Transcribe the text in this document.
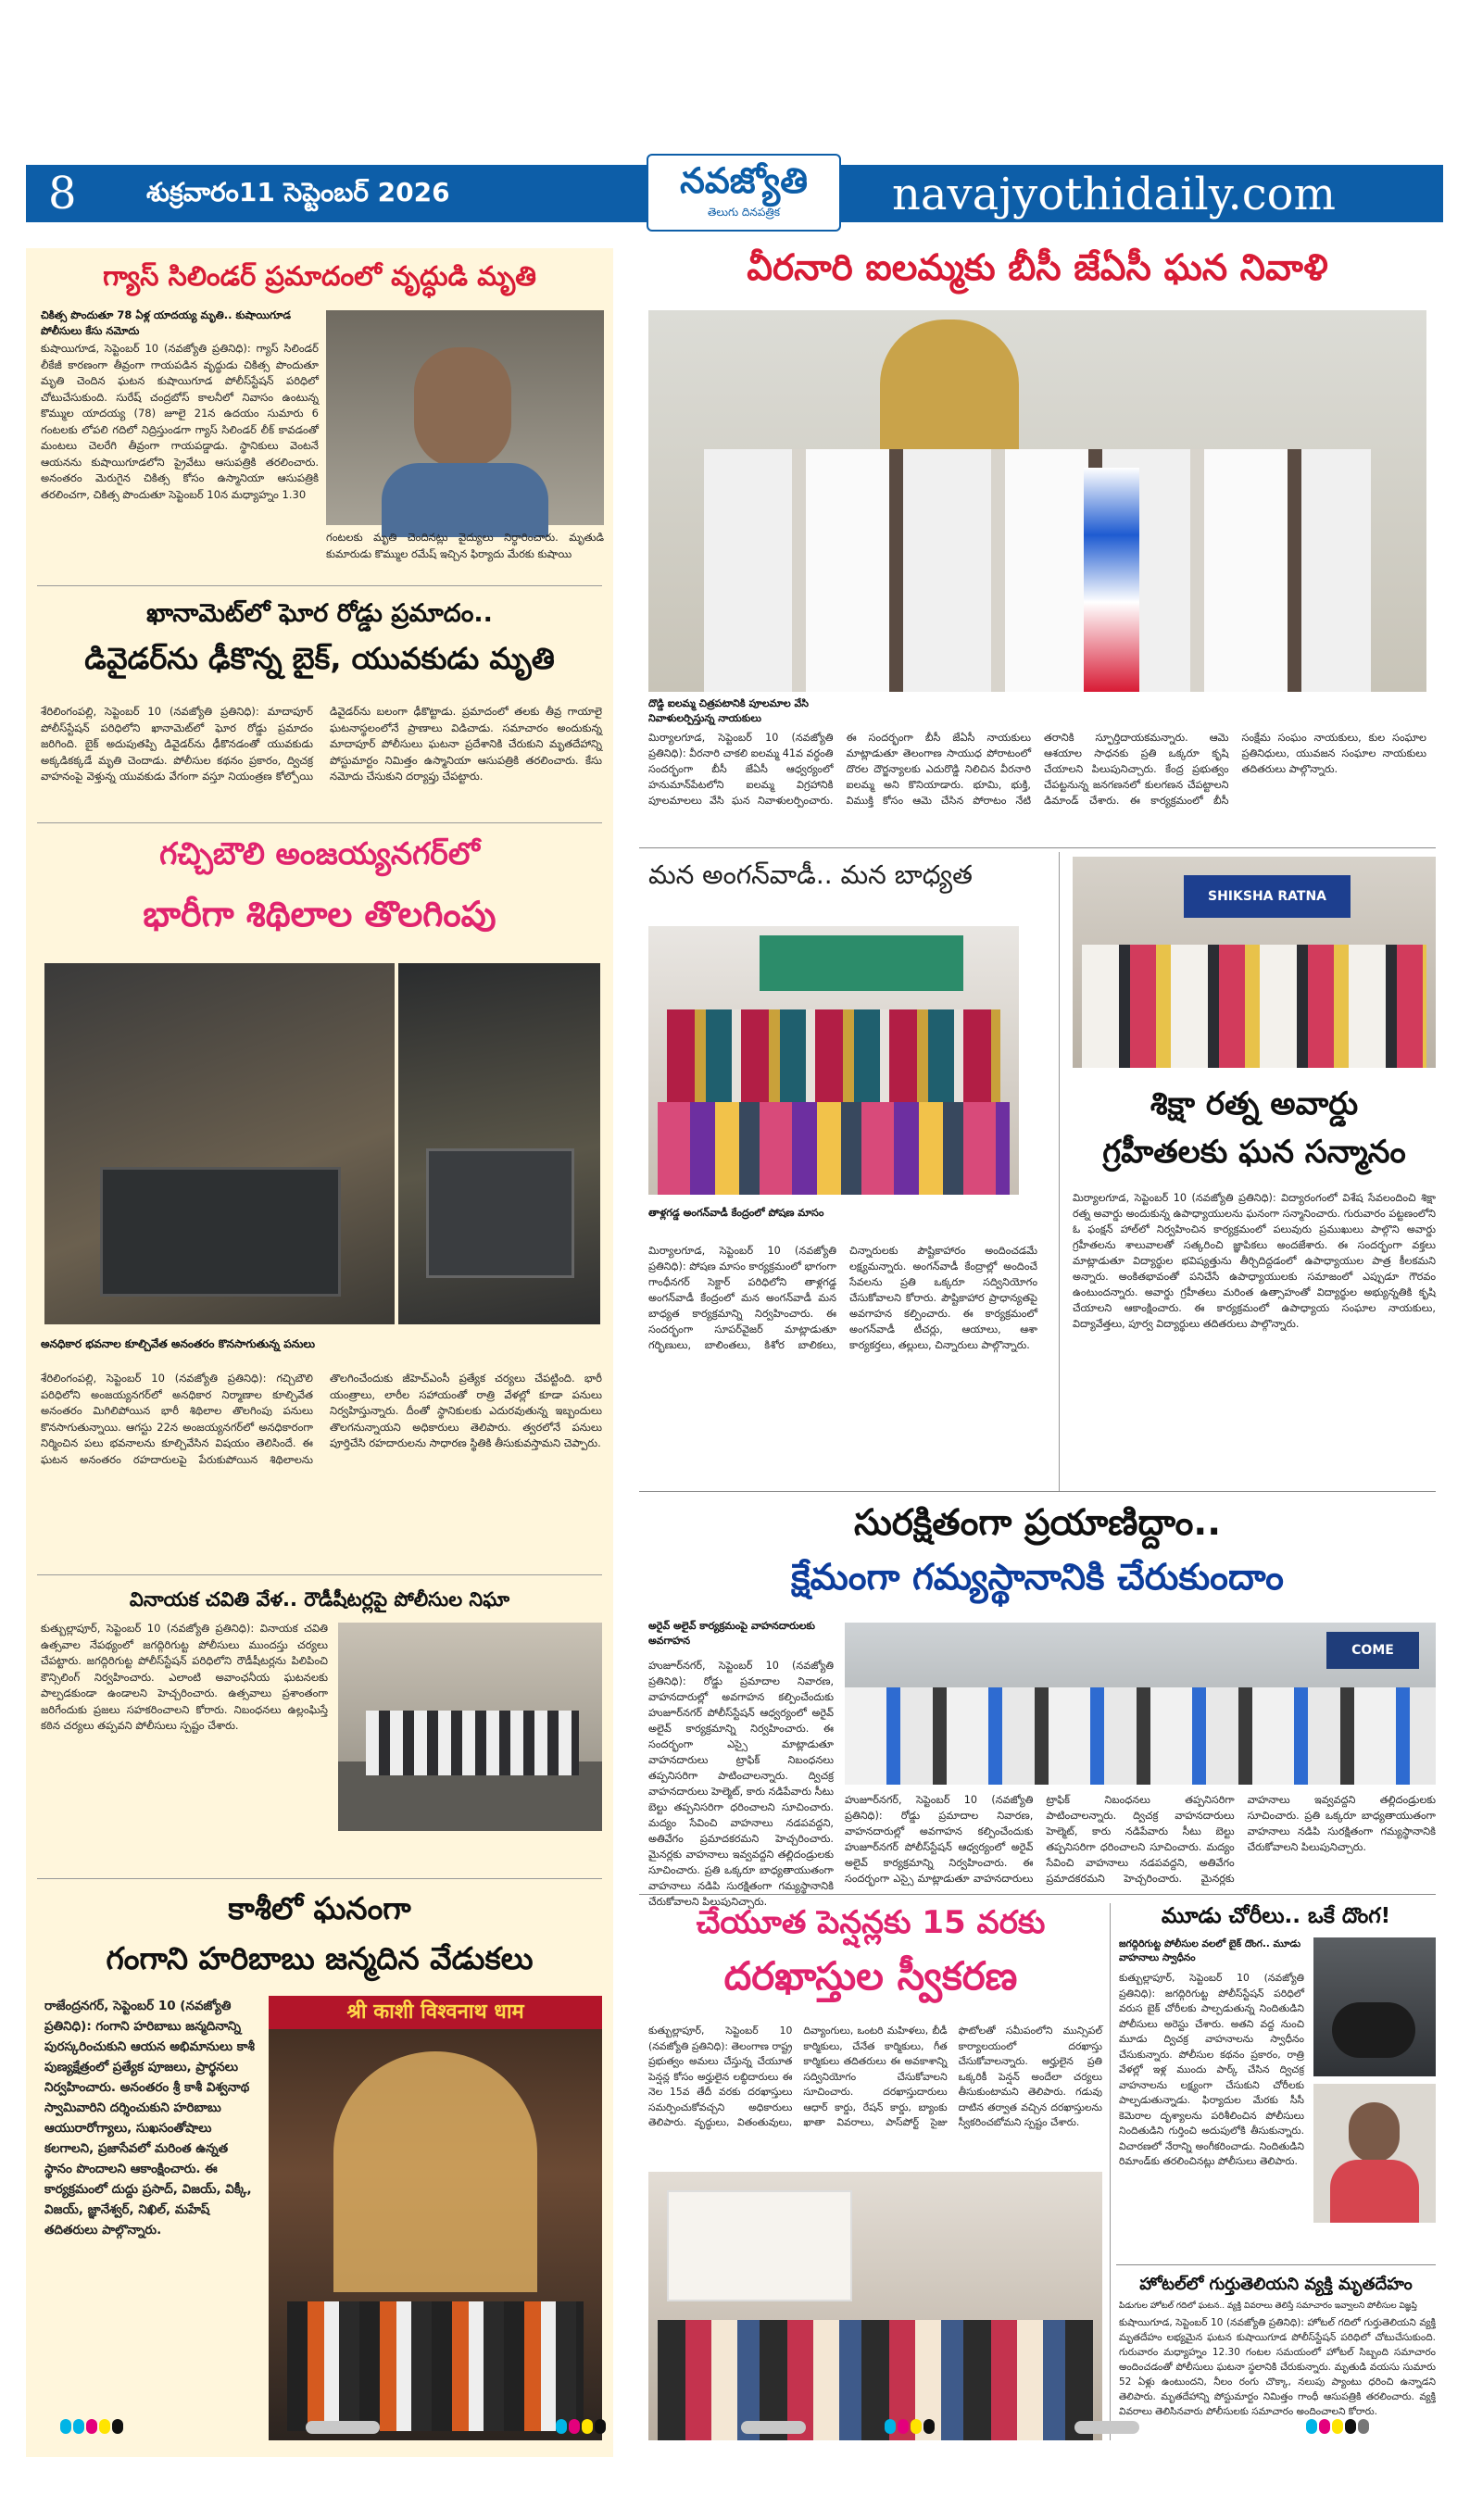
8	శుక్రవారం11 సెప్టెంబర్ 2026	నవజ్యోతి
తెలుగు దినపత్రిక	navajyothidaily.com
గ్యాస్ సిలిండర్ ప్రమాదంలో వృద్ధుడి మృతి
చికిత్స పొందుతూ 78 ఏళ్ల యాదయ్య మృతి.. కుషాయిగూడ పోలీసులు కేసు నమోదు
కుషాయిగూడ, సెప్టెంబర్ 10 (నవజ్యోతి ప్రతినిధి): గ్యాస్ సిలిండర్ లీకేజీ కారణంగా తీవ్రంగా గాయపడిన వృద్ధుడు చికిత్స పొందుతూ మృతి చెందిన ఘటన కుషాయిగూడ పోలీస్‌స్టేషన్ పరిధిలో చోటుచేసుకుంది. సురేష్ చంద్రబోస్ కాలనీలో నివాసం ఉంటున్న కొమ్ముల యాదయ్య (78) జూలై 21న ఉదయం సుమారు 6 గంటలకు లోపలి గదిలో నిద్రిస్తుండగా గ్యాస్ సిలిండర్ లీక్ కావడంతో మంటలు చెలరేగి తీవ్రంగా గాయపడ్డాడు. స్థానికులు వెంటనే ఆయనను కుషాయిగూడలోని ప్రైవేటు ఆసుపత్రికి తరలించారు. అనంతరం మెరుగైన చికిత్స కోసం ఉస్మానియా ఆసుపత్రికి తరలించగా, చికిత్స పొందుతూ సెప్టెంబర్ 10న మధ్యాహ్నం 1.30
గంటలకు మృతి చెందినట్లు వైద్యులు నిర్ధారించారు. మృతుడి కుమారుడు కొమ్ముల రమేష్ ఇచ్చిన ఫిర్యాదు మేరకు కుషాయి
ఖానామెట్‌లో ఘోర రోడ్డు ప్రమాదం..
డివైడర్‌ను ఢీకొన్న బైక్, యువకుడు మృతి
శేరిలింగంపల్లి, సెప్టెంబర్ 10 (నవజ్యోతి ప్రతినిధి): మాదాపూర్ పోలీస్‌స్టేషన్ పరిధిలోని ఖానామెట్‌లో ఘోర రోడ్డు ప్రమాదం జరిగింది. బైక్ అదుపుతప్పి డివైడర్‌ను ఢీకొనడంతో యువకుడు అక్కడికక్కడే మృతి చెందాడు. పోలీసుల కథనం ప్రకారం, ద్విచక్ర వాహనంపై వెళ్తున్న యువకుడు వేగంగా వస్తూ నియంత్రణ కోల్పోయి డివైడర్‌ను బలంగా ఢీకొట్టాడు. ప్రమాదంలో తలకు తీవ్ర గాయాలై ఘటనాస్థలంలోనే ప్రాణాలు విడిచాడు. సమాచారం అందుకున్న మాదాపూర్ పోలీసులు ఘటనా ప్రదేశానికి చేరుకుని మృతదేహాన్ని పోస్టుమార్టం నిమిత్తం ఉస్మానియా ఆసుపత్రికి తరలించారు. కేసు నమోదు చేసుకుని దర్యాప్తు చేపట్టారు.
గచ్చిబౌలి అంజయ్యనగర్‌లో
భారీగా శిథిలాల తొలగింపు
అనధికార భవనాల కూల్చివేత అనంతరం కొనసాగుతున్న పనులు
శేరిలింగంపల్లి, సెప్టెంబర్ 10 (నవజ్యోతి ప్రతినిధి): గచ్చిబౌలి పరిధిలోని అంజయ్యనగర్‌లో అనధికార నిర్మాణాల కూల్చివేత అనంతరం మిగిలిపోయిన భారీ శిథిలాల తొలగింపు పనులు కొనసాగుతున్నాయి. ఆగస్టు 22న అంజయ్యనగర్‌లో అనధికారంగా నిర్మించిన పలు భవనాలను కూల్చివేసిన విషయం తెలిసిందే. ఈ ఘటన అనంతరం రహదారులపై పేరుకుపోయిన శిథిలాలను తొలగించేందుకు జీహెచ్‌ఎంసీ ప్రత్యేక చర్యలు చేపట్టింది. భారీ యంత్రాలు, లారీల సహాయంతో రాత్రి వేళల్లో కూడా పనులు నిర్వహిస్తున్నారు. దీంతో స్థానికులకు ఎదురవుతున్న ఇబ్బందులు తొలగనున్నాయని అధికారులు తెలిపారు. త్వరలోనే పనులు పూర్తిచేసి రహదారులను సాధారణ స్థితికి తీసుకువస్తామని చెప్పారు.
వినాయక చవితి వేళ.. రౌడీషీటర్లపై పోలీసుల నిఘా
కుత్బుల్లాపూర్, సెప్టెంబర్ 10 (నవజ్యోతి ప్రతినిధి): వినాయక చవితి ఉత్సవాల నేపథ్యంలో జగద్గిరిగుట్ట పోలీసులు ముందస్తు చర్యలు చేపట్టారు. జగద్గిరిగుట్ట పోలీస్‌స్టేషన్ పరిధిలోని రౌడీషీటర్లను పిలిపించి కౌన్సిలింగ్ నిర్వహించారు. ఎలాంటి అవాంఛనీయ ఘటనలకు పాల్పడకుండా ఉండాలని హెచ్చరించారు. ఉత్సవాలు ప్రశాంతంగా జరిగేందుకు ప్రజలు సహకరించాలని కోరారు. నిబంధనలు ఉల్లంఘిస్తే కఠిన చర్యలు తప్పవని పోలీసులు స్పష్టం చేశారు.
కాశీలో ఘనంగా
గంగాని హరిబాబు జన్మదిన వేడుకలు
రాజేంద్రనగర్, సెప్టెంబర్ 10 (నవజ్యోతి ప్రతినిధి): గంగాని హరిబాబు జన్మదినాన్ని పురస్కరించుకుని ఆయన అభిమానులు కాశీ పుణ్యక్షేత్రంలో ప్రత్యేక పూజలు, ప్రార్థనలు నిర్వహించారు. అనంతరం శ్రీ కాశీ విశ్వనాథ స్వామివారిని దర్శించుకుని హరిబాబు ఆయురారోగ్యాలు, సుఖసంతోషాలు కలగాలని, ప్రజాసేవలో మరింత ఉన్నత స్థానం పొందాలని ఆకాంక్షించారు. ఈ కార్యక్రమంలో దుద్దు ప్రసాద్, విజయ్, విక్కీ, విజయ్, జ్ఞానేశ్వర్, నిఖిల్, మహేష్ తదితరులు పాల్గొన్నారు.
श्री काशी विश्वनाथ धाम
వీరనారి ఐలమ్మకు బీసీ జేఏసీ ఘన నివాళి
దొడ్డి ఐలమ్మ చిత్రపటానికి పూలమాల వేసి నివాళులర్పిస్తున్న నాయకులు
మిర్యాలగూడ, సెప్టెంబర్ 10 (నవజ్యోతి ప్రతినిధి): వీరనారి చాకలి ఐలమ్మ 41వ వర్ధంతి సందర్భంగా బీసీ జేఏసీ ఆధ్వర్యంలో హనుమాన్‌పేటలోని ఐలమ్మ విగ్రహానికి పూలమాలలు వేసి ఘన నివాళులర్పించారు. ఈ సందర్భంగా బీసీ జేఏసీ నాయకులు మాట్లాడుతూ తెలంగాణ సాయుధ పోరాటంలో దొరల దౌర్జన్యాలకు ఎదురొడ్డి నిలిచిన వీరనారి ఐలమ్మ అని కొనియాడారు. భూమి, భుక్తి, విముక్తి కోసం ఆమె చేసిన పోరాటం నేటి తరానికి స్ఫూర్తిదాయకమన్నారు. ఆమె ఆశయాల సాధనకు ప్రతి ఒక్కరూ కృషి చేయాలని పిలుపునిచ్చారు. కేంద్ర ప్రభుత్వం చేపట్టనున్న జనగణనలో కులగణన చేపట్టాలని డిమాండ్ చేశారు. ఈ కార్యక్రమంలో బీసీ సంక్షేమ సంఘం నాయకులు, కుల సంఘాల ప్రతినిధులు, యువజన సంఘాల నాయకులు తదితరులు పాల్గొన్నారు.
మన అంగన్‌వాడీ.. మన బాధ్యత
తాళ్లగడ్డ అంగన్‌వాడీ కేంద్రంలో పోషణ మాసం
మిర్యాలగూడ, సెప్టెంబర్ 10 (నవజ్యోతి ప్రతినిధి): పోషణ మాసం కార్యక్రమంలో భాగంగా గాంధీనగర్ సెక్టార్ పరిధిలోని తాళ్లగడ్డ అంగన్‌వాడీ కేంద్రంలో మన అంగన్‌వాడీ మన బాధ్యత కార్యక్రమాన్ని నిర్వహించారు. ఈ సందర్భంగా సూపర్‌వైజర్ మాట్లాడుతూ గర్భిణులు, బాలింతలు, కిశోర బాలికలు, చిన్నారులకు పౌష్టికాహారం అందించడమే లక్ష్యమన్నారు. అంగన్‌వాడీ కేంద్రాల్లో అందించే సేవలను ప్రతి ఒక్కరూ సద్వినియోగం చేసుకోవాలని కోరారు. పౌష్టికాహార ప్రాధాన్యతపై అవగాహన కల్పించారు. ఈ కార్యక్రమంలో అంగన్‌వాడీ టీచర్లు, ఆయాలు, ఆశా కార్యకర్తలు, తల్లులు, చిన్నారులు పాల్గొన్నారు.
SHIKSHA RATNA
శిక్షా రత్న అవార్డు
గ్రహీతలకు ఘన సన్మానం
మిర్యాలగూడ, సెప్టెంబర్ 10 (నవజ్యోతి ప్రతినిధి): విద్యారంగంలో విశేష సేవలందించి శిక్షా రత్న అవార్డు అందుకున్న ఉపాధ్యాయులను ఘనంగా సన్మానించారు. గురువారం పట్టణంలోని ఓ ఫంక్షన్ హాల్‌లో నిర్వహించిన కార్యక్రమంలో పలువురు ప్రముఖులు పాల్గొని అవార్డు గ్రహీతలను శాలువాలతో సత్కరించి జ్ఞాపికలు అందజేశారు. ఈ సందర్భంగా వక్తలు మాట్లాడుతూ విద్యార్థుల భవిష్యత్తును తీర్చిదిద్దడంలో ఉపాధ్యాయుల పాత్ర కీలకమని అన్నారు. అంకితభావంతో పనిచేసే ఉపాధ్యాయులకు సమాజంలో ఎప్పుడూ గౌరవం ఉంటుందన్నారు. అవార్డు గ్రహీతలు మరింత ఉత్సాహంతో విద్యార్థుల అభ్యున్నతికి కృషి చేయాలని ఆకాంక్షించారు. ఈ కార్యక్రమంలో ఉపాధ్యాయ సంఘాల నాయకులు, విద్యావేత్తలు, పూర్వ విద్యార్థులు తదితరులు పాల్గొన్నారు.
సురక్షితంగా ప్రయాణిద్దాం..
క్షేమంగా గమ్యస్థానానికి చేరుకుందాం
అరైవ్ అలైవ్ కార్యక్రమంపై వాహనదారులకు అవగాహన
హుజూర్‌నగర్, సెప్టెంబర్ 10 (నవజ్యోతి ప్రతినిధి): రోడ్డు ప్రమాదాల నివారణ, వాహనదారుల్లో అవగాహన కల్పించేందుకు హుజూర్‌నగర్ పోలీస్‌స్టేషన్ ఆధ్వర్యంలో అరైవ్ అలైవ్ కార్యక్రమాన్ని నిర్వహించారు. ఈ సందర్భంగా ఎస్సై మాట్లాడుతూ వాహనదారులు ట్రాఫిక్ నిబంధనలు తప్పనిసరిగా పాటించాలన్నారు. ద్విచక్ర వాహనదారులు హెల్మెట్, కారు నడిపేవారు సీటు బెల్టు తప్పనిసరిగా ధరించాలని సూచించారు. మద్యం సేవించి వాహనాలు నడపవద్దని, అతివేగం ప్రమాదకరమని హెచ్చరించారు. మైనర్లకు వాహనాలు ఇవ్వవద్దని తల్లిదండ్రులకు సూచించారు. ప్రతి ఒక్కరూ బాధ్యతాయుతంగా వాహనాలు నడిపి సురక్షితంగా గమ్యస్థానానికి చేరుకోవాలని పిలుపునిచ్చారు.
COME
హుజూర్‌నగర్, సెప్టెంబర్ 10 (నవజ్యోతి ప్రతినిధి): రోడ్డు ప్రమాదాల నివారణ, వాహనదారుల్లో అవగాహన కల్పించేందుకు హుజూర్‌నగర్ పోలీస్‌స్టేషన్ ఆధ్వర్యంలో అరైవ్ అలైవ్ కార్యక్రమాన్ని నిర్వహించారు. ఈ సందర్భంగా ఎస్సై మాట్లాడుతూ వాహనదారులు ట్రాఫిక్ నిబంధనలు తప్పనిసరిగా పాటించాలన్నారు. ద్విచక్ర వాహనదారులు హెల్మెట్, కారు నడిపేవారు సీటు బెల్టు తప్పనిసరిగా ధరించాలని సూచించారు. మద్యం సేవించి వాహనాలు నడపవద్దని, అతివేగం ప్రమాదకరమని హెచ్చరించారు. మైనర్లకు వాహనాలు ఇవ్వవద్దని తల్లిదండ్రులకు సూచించారు. ప్రతి ఒక్కరూ బాధ్యతాయుతంగా వాహనాలు నడిపి సురక్షితంగా గమ్యస్థానానికి చేరుకోవాలని పిలుపునిచ్చారు.
చేయూత పెన్షన్లకు 15 వరకు
దరఖాస్తుల స్వీకరణ
కుత్బుల్లాపూర్, సెప్టెంబర్ 10 (నవజ్యోతి ప్రతినిధి): తెలంగాణ రాష్ట్ర ప్రభుత్వం అమలు చేస్తున్న చేయూత పెన్షన్ల కోసం అర్హులైన లబ్ధిదారులు ఈ నెల 15వ తేదీ వరకు దరఖాస్తులు సమర్పించుకోవచ్చని అధికారులు తెలిపారు. వృద్ధులు, వితంతువులు, దివ్యాంగులు, ఒంటరి మహిళలు, బీడీ కార్మికులు, చేనేత కార్మికులు, గీత కార్మికులు తదితరులు ఈ అవకాశాన్ని సద్వినియోగం చేసుకోవాలని సూచించారు. దరఖాస్తుదారులు ఆధార్ కార్డు, రేషన్ కార్డు, బ్యాంకు ఖాతా వివరాలు, పాస్‌పోర్ట్ సైజు ఫొటోలతో సమీపంలోని మున్సిపల్ కార్యాలయంలో దరఖాస్తు చేసుకోవాలన్నారు. అర్హులైన ప్రతి ఒక్కరికీ పెన్షన్ అందేలా చర్యలు తీసుకుంటామని తెలిపారు. గడువు దాటిన తర్వాత వచ్చిన దరఖాస్తులను స్వీకరించబోమని స్పష్టం చేశారు.
మూడు చోరీలు.. ఒకే దొంగ!
జగద్గిరిగుట్ట పోలీసుల వలలో బైక్ దొంగ.. మూడు వాహనాలు స్వాధీనం
కుత్బుల్లాపూర్, సెప్టెంబర్ 10 (నవజ్యోతి ప్రతినిధి): జగద్గిరిగుట్ట పోలీస్‌స్టేషన్ పరిధిలో వరుస బైక్ చోరీలకు పాల్పడుతున్న నిందితుడిని పోలీసులు అరెస్టు చేశారు. అతని వద్ద నుంచి మూడు ద్విచక్ర వాహనాలను స్వాధీనం చేసుకున్నారు. పోలీసుల కథనం ప్రకారం, రాత్రి వేళల్లో ఇళ్ల ముందు పార్క్ చేసిన ద్విచక్ర వాహనాలను లక్ష్యంగా చేసుకుని చోరీలకు పాల్పడుతున్నాడు. ఫిర్యాదుల మేరకు సీసీ కెమెరాల దృశ్యాలను పరిశీలించిన పోలీసులు నిందితుడిని గుర్తించి అదుపులోకి తీసుకున్నారు. విచారణలో నేరాన్ని అంగీకరించాడు. నిందితుడిని రిమాండ్‌కు తరలించినట్లు పోలీసులు తెలిపారు.
హోటల్‌లో గుర్తుతెలియని వ్యక్తి మృతదేహం
పిడుగుల హోటల్ గదిలో ఘటన.. వ్యక్తి వివరాలు తెలిస్తే సమాచారం ఇవ్వాలని పోలీసుల విజ్ఞప్తి
కుషాయిగూడ, సెప్టెంబర్ 10 (నవజ్యోతి ప్రతినిధి): హోటల్ గదిలో గుర్తుతెలియని వ్యక్తి మృతదేహం లభ్యమైన ఘటన కుషాయిగూడ పోలీస్‌స్టేషన్ పరిధిలో చోటుచేసుకుంది. గురువారం మధ్యాహ్నం 12.30 గంటల సమయంలో హోటల్ సిబ్బంది సమాచారం అందించడంతో పోలీసులు ఘటనా స్థలానికి చేరుకున్నారు. మృతుడి వయసు సుమారు 52 ఏళ్లు ఉంటుందని, నీలం రంగు చొక్కా, నలుపు ప్యాంటు ధరించి ఉన్నాడని తెలిపారు. మృతదేహాన్ని పోస్టుమార్టం నిమిత్తం గాంధీ ఆసుపత్రికి తరలించారు. వ్యక్తి వివరాలు తెలిసినవారు పోలీసులకు సమాచారం అందించాలని కోరారు.
